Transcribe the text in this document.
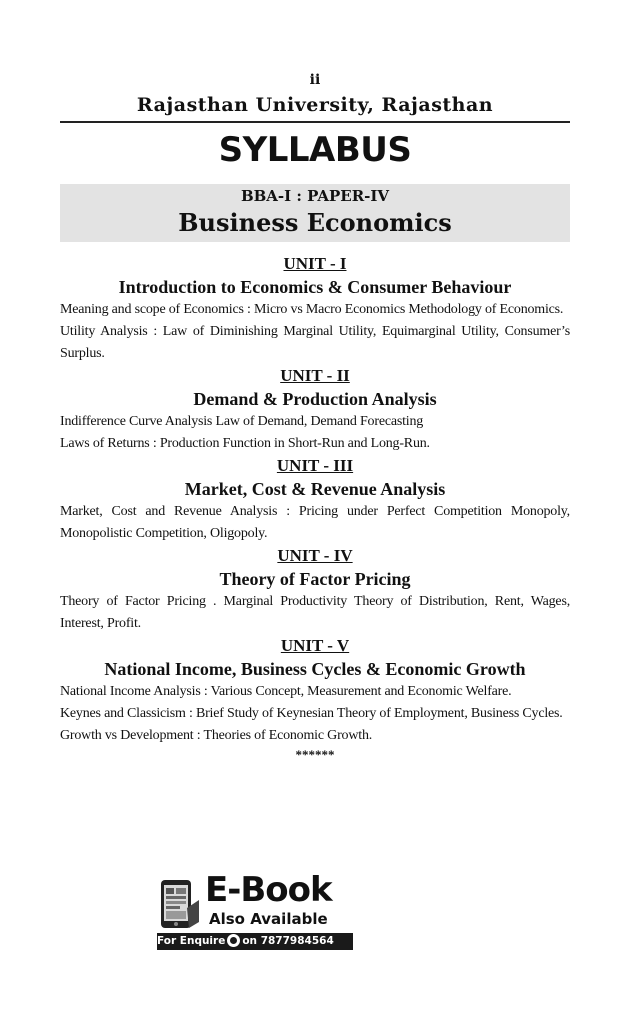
ii
Rajasthan University, Rajasthan
SYLLABUS
BBA-I : PAPER-IV
Business Economics
UNIT - I
Introduction to Economics & Consumer Behaviour
Meaning and scope of Economics : Micro vs Macro Economics Methodology of Economics.
Utility Analysis : Law of Diminishing Marginal Utility, Equimarginal Utility, Consumer’s Surplus.
UNIT - II
Demand & Production Analysis
Indifference Curve Analysis Law of Demand, Demand Forecasting
Laws of Returns : Production Function in Short-Run and Long-Run.
UNIT - III
Market, Cost & Revenue Analysis
Market, Cost and Revenue Analysis : Pricing under Perfect Competition Monopoly, Monopolistic Competition, Oligopoly.
UNIT - IV
Theory of Factor Pricing
Theory of Factor Pricing . Marginal Productivity Theory of Distribution, Rent, Wages, Interest, Profit.
UNIT - V
National Income, Business Cycles & Economic Growth
National Income Analysis : Various Concept, Measurement and Economic Welfare.
Keynes and Classicism : Brief Study of Keynesian Theory of Employment, Business Cycles.
Growth vs Development : Theories of Economic Growth.
******
E-Book
Also Available
For Enquire on 7877984564
